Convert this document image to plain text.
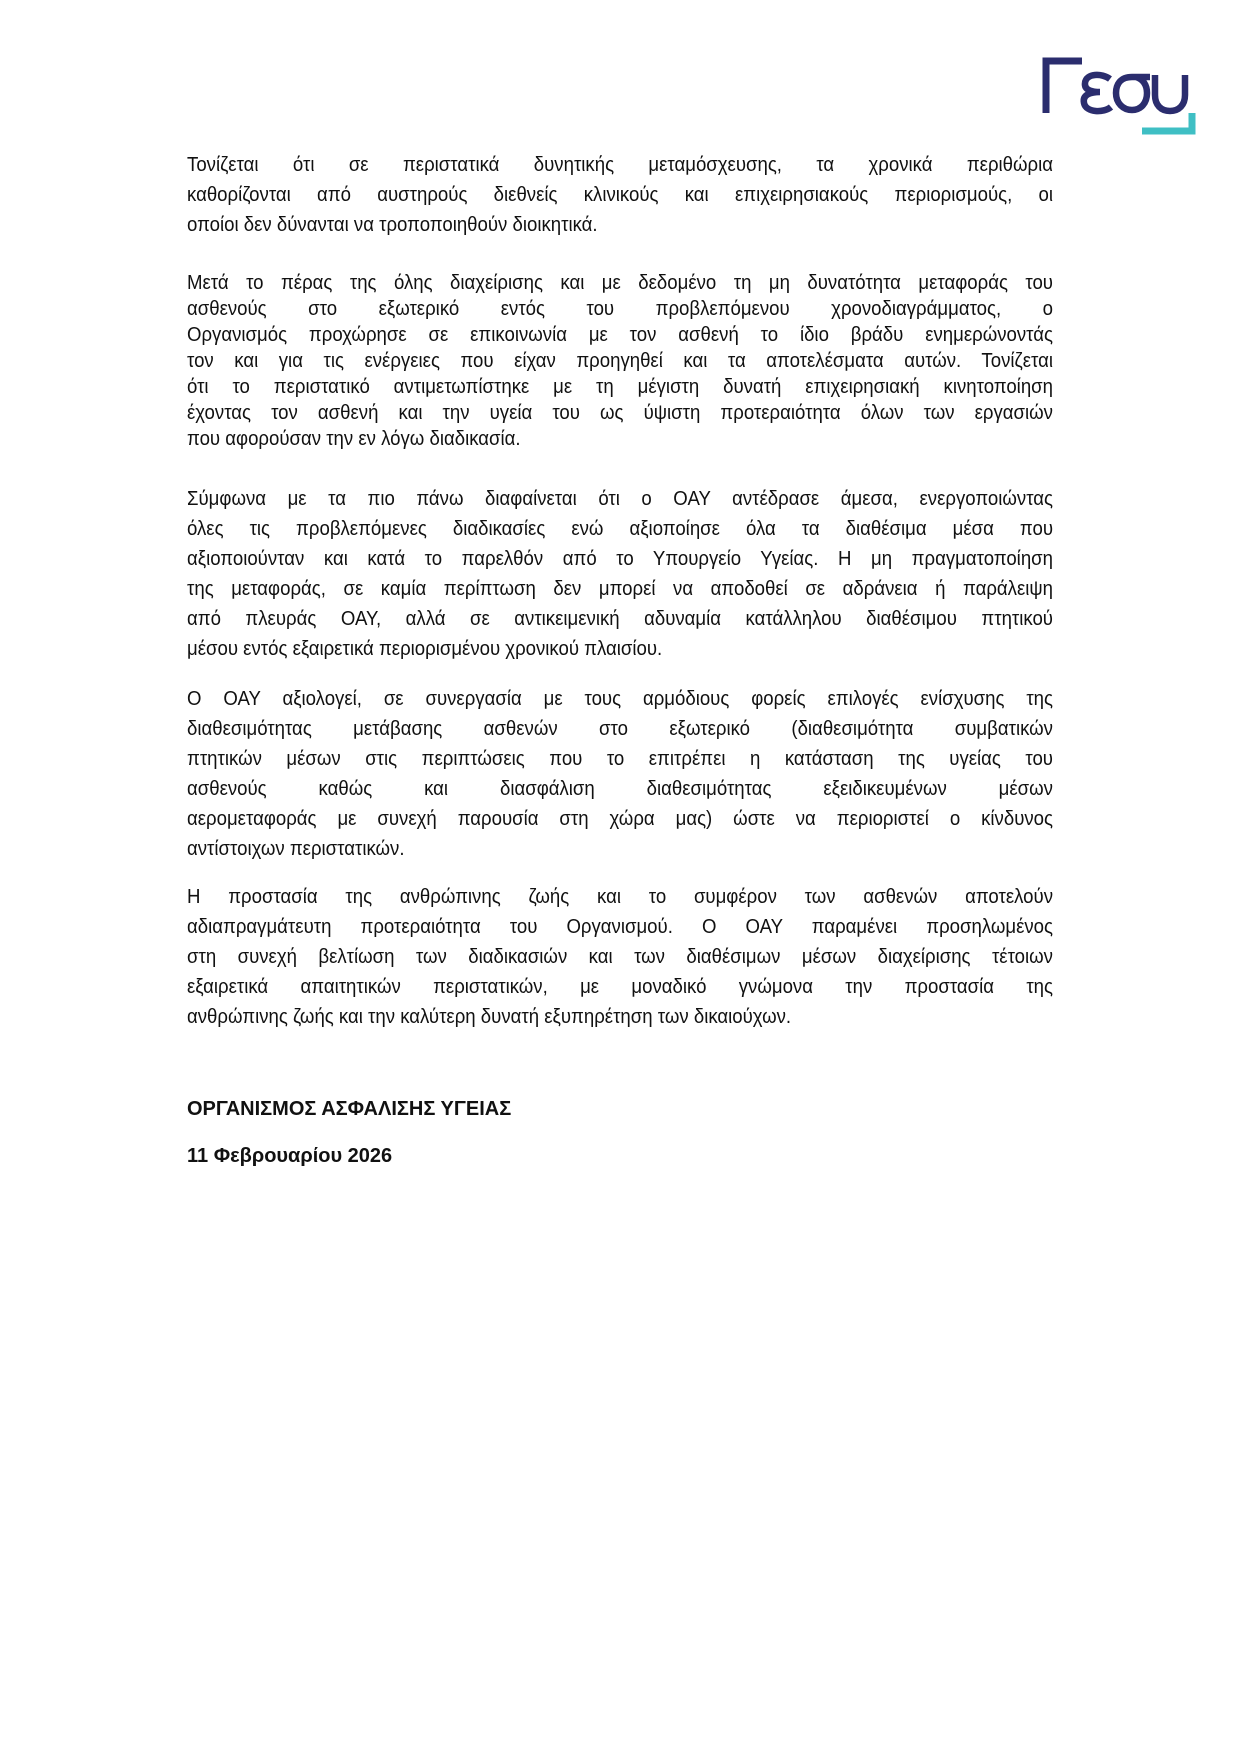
Τονίζεται ότι σε περιστατικά δυνητικής μεταμόσχευσης, τα χρονικά περιθώρια
καθορίζονται από αυστηρούς διεθνείς κλινικούς και επιχειρησιακούς περιορισμούς, οι
οποίοι δεν δύνανται να τροποποιηθούν διοικητικά.
Μετά το πέρας της όλης διαχείρισης και με δεδομένο τη μη δυνατότητα μεταφοράς του
ασθενούς στο εξωτερικό εντός του προβλεπόμενου χρονοδιαγράμματος, ο
Οργανισμός προχώρησε σε επικοινωνία με τον ασθενή το ίδιο βράδυ ενημερώνοντάς
τον και για τις ενέργειες που είχαν προηγηθεί και τα αποτελέσματα αυτών. Τονίζεται
ότι το περιστατικό αντιμετωπίστηκε με τη μέγιστη δυνατή επιχειρησιακή κινητοποίηση
έχοντας τον ασθενή και την υγεία του ως ύψιστη προτεραιότητα όλων των εργασιών
που αφορούσαν την εν λόγω διαδικασία.
Σύμφωνα με τα πιο πάνω διαφαίνεται ότι ο ΟΑΥ αντέδρασε άμεσα, ενεργοποιώντας
όλες τις προβλεπόμενες διαδικασίες ενώ αξιοποίησε όλα τα διαθέσιμα μέσα που
αξιοποιούνταν και κατά το παρελθόν από το Υπουργείο Υγείας. Η μη πραγματοποίηση
της μεταφοράς, σε καμία περίπτωση δεν μπορεί να αποδοθεί σε αδράνεια ή παράλειψη
από πλευράς ΟΑΥ, αλλά σε αντικειμενική αδυναμία κατάλληλου διαθέσιμου πτητικού
μέσου εντός εξαιρετικά περιορισμένου χρονικού πλαισίου.
Ο ΟΑΥ αξιολογεί, σε συνεργασία με τους αρμόδιους φορείς επιλογές ενίσχυσης της
διαθεσιμότητας μετάβασης ασθενών στο εξωτερικό (διαθεσιμότητα συμβατικών
πτητικών μέσων στις περιπτώσεις που το επιτρέπει η κατάσταση της υγείας του
ασθενούς καθώς και διασφάλιση διαθεσιμότητας εξειδικευμένων μέσων
αερομεταφοράς με συνεχή παρουσία στη χώρα μας) ώστε να περιοριστεί ο κίνδυνος
αντίστοιχων περιστατικών.
Η προστασία της ανθρώπινης ζωής και το συμφέρον των ασθενών αποτελούν
αδιαπραγμάτευτη προτεραιότητα του Οργανισμού. Ο ΟΑΥ παραμένει προσηλωμένος
στη συνεχή βελτίωση των διαδικασιών και των διαθέσιμων μέσων διαχείρισης τέτοιων
εξαιρετικά απαιτητικών περιστατικών, με μοναδικό γνώμονα την προστασία της
ανθρώπινης ζωής και την καλύτερη δυνατή εξυπηρέτηση των δικαιούχων.
ΟΡΓΑΝΙΣΜΟΣ ΑΣΦΑΛΙΣΗΣ ΥΓΕΙΑΣ
11 Φεβρουαρίου 2026
